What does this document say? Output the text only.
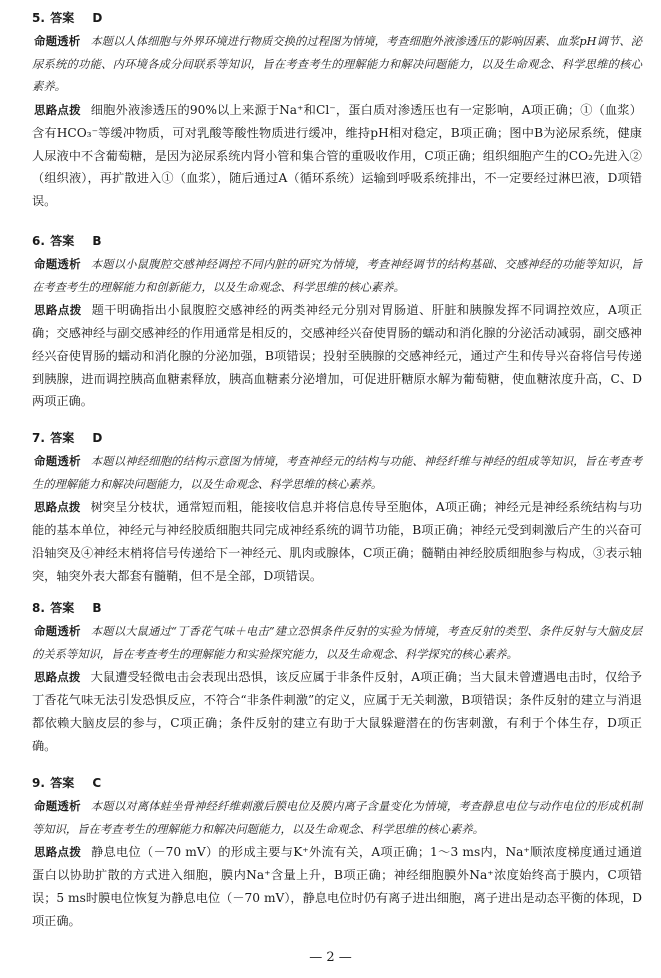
5. 答案 D

命题透析 本题以人体细胞与外界环境进行物质交换的过程图为情境，考查细胞外液渗透压的影响因素、血浆pH调节、泌尿系统的功能、内环境各成分间联系等知识，旨在考查考生的理解能力和解决问题能力，以及生命观念、科学思维的核心素养。

思路点拨 细胞外液渗透压的90%以上来源于Na⁺和Cl⁻，蛋白质对渗透压也有一定影响，A项正确；①（血浆）含有HCO₃⁻等缓冲物质，可对乳酸等酸性物质进行缓冲，维持pH相对稳定，B项正确；图中B为泌尿系统，健康人尿液中不含葡萄糖，是因为泌尿系统内肾小管和集合管的重吸收作用，C项正确；组织细胞产生的CO₂先进入②（组织液），再扩散进入①（血浆），随后通过A（循环系统）运输到呼吸系统排出，不一定要经过淋巴液，D项错误。

6. 答案 B

命题透析 本题以小鼠腹腔交感神经调控不同内脏的研究为情境，考查神经调节的结构基础、交感神经的功能等知识，旨在考查考生的理解能力和创新能力，以及生命观念、科学思维的核心素养。

思路点拨 题干明确指出小鼠腹腔交感神经的两类神经元分别对胃肠道、肝脏和胰腺发挥不同调控效应，A项正确；交感神经与副交感神经的作用通常是相反的，交感神经兴奋使胃肠的蠕动和消化腺的分泌活动减弱，副交感神经兴奋使胃肠的蠕动和消化腺的分泌加强，B项错误；投射至胰腺的交感神经元，通过产生和传导兴奋将信号传递到胰腺，进而调控胰高血糖素释放，胰高血糖素分泌增加，可促进肝糖原水解为葡萄糖，使血糖浓度升高，C、D两项正确。

7. 答案 D

命题透析 本题以神经细胞的结构示意图为情境，考查神经元的结构与功能、神经纤维与神经的组成等知识，旨在考查考生的理解能力和解决问题能力，以及生命观念、科学思维的核心素养。

思路点拨 树突呈分枝状，通常短而粗，能接收信息并将信息传导至胞体，A项正确；神经元是神经系统结构与功能的基本单位，神经元与神经胶质细胞共同完成神经系统的调节功能，B项正确；神经元受到刺激后产生的兴奋可沿轴突及④神经末梢将信号传递给下一神经元、肌肉或腺体，C项正确；髓鞘由神经胶质细胞参与构成，③表示轴突，轴突外表大都套有髓鞘，但不是全部，D项错误。

8. 答案 B

命题透析 本题以大鼠通过“丁香花气味＋电击”建立恐惧条件反射的实验为情境，考查反射的类型、条件反射与大脑皮层的关系等知识，旨在考查考生的理解能力和实验探究能力，以及生命观念、科学探究的核心素养。

思路点拨 大鼠遭受轻微电击会表现出恐惧，该反应属于非条件反射，A项正确；当大鼠未曾遭遇电击时，仅给予丁香花气味无法引发恐惧反应，不符合“非条件刺激”的定义，应属于无关刺激，B项错误；条件反射的建立与消退都依赖大脑皮层的参与，C项正确；条件反射的建立有助于大鼠躲避潜在的伤害刺激，有利于个体生存，D项正确。

9. 答案 C

命题透析 本题以对离体蛙坐骨神经纤维刺激后膜电位及膜内离子含量变化为情境，考查静息电位与动作电位的形成机制等知识，旨在考查考生的理解能力和解决问题能力，以及生命观念、科学思维的核心素养。

思路点拨 静息电位（－70 mV）的形成主要与K⁺外流有关，A项正确；1～3 ms内，Na⁺顺浓度梯度通过通道蛋白以协助扩散的方式进入细胞，膜内Na⁺含量上升，B项正确；神经细胞膜外Na⁺浓度始终高于膜内，C项错误；5 ms时膜电位恢复为静息电位（－70 mV），静息电位时仍有离子进出细胞，离子进出是动态平衡的体现，D项正确。

— 2 —
